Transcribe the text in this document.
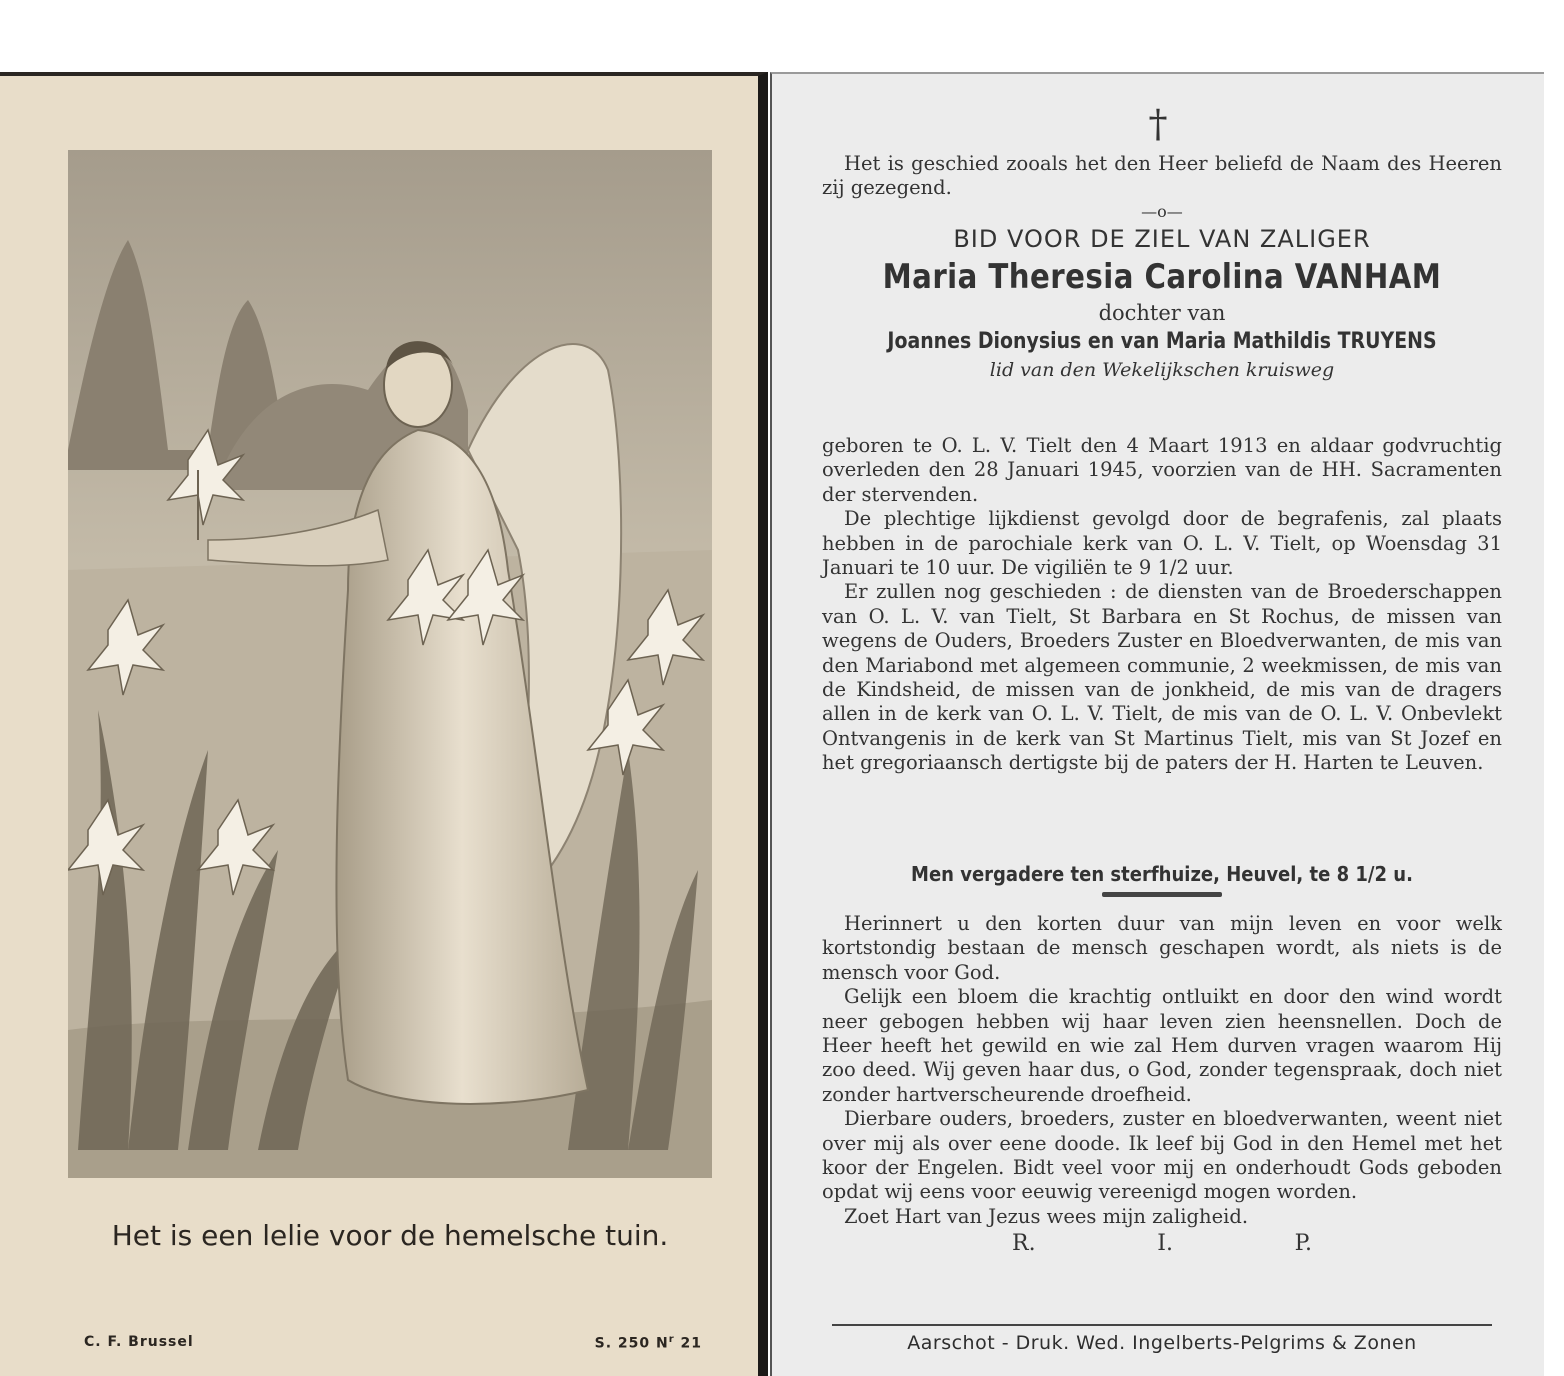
Het is een lelie voor de hemelsche tuin.
C. F. Brussel	S. 250 $N^r$ 21
†

Het is geschied zooals het den Heer beliefd de Naam des Heeren zij gezegend.

—o—
BID VOOR DE ZIEL VAN ZALIGER
Maria Theresia Carolina VANHAM
dochter van
Joannes Dionysius en van Maria Mathildis TRUYENS
lid van den Wekelijkschen kruisweg

geboren te O. L. V. Tielt den 4 Maart 1913 en aldaar godvruchtig overleden den 28 Januari 1945, voorzien van de HH. Sacramenten der stervenden.

De plechtige lijkdienst gevolgd door de begrafenis, zal plaats hebben in de parochiale kerk van O. L. V. Tielt, op Woensdag 31 Januari te 10 uur. De vigiliën te 9 1/2 uur.

Er zullen nog geschieden : de diensten van de Broederschappen van O. L. V. van Tielt, St Barbara en St Rochus, de missen van wegens de Ouders, Broeders Zuster en Bloedverwanten, de mis van den Mariabond met algemeen communie, 2 weekmissen, de mis van de Kindsheid, de missen van de jonkheid, de mis van de dragers allen in de kerk van O. L. V. Tielt, de mis van de O. L. V. Onbevlekt Ontvangenis in de kerk van St Martinus Tielt, mis van St Jozef en het gregoriaansch dertigste bij de paters der H. Harten te Leuven.

Men vergadere ten sterfhuize, Heuvel, te 8 1/2 u.

Herinnert u den korten duur van mijn leven en voor welk kortstondig bestaan de mensch geschapen wordt, als niets is de mensch voor God.

Gelijk een bloem die krachtig ontluikt en door den wind wordt neer gebogen hebben wij haar leven zien heensnellen. Doch de Heer heeft het gewild en wie zal Hem durven vragen waarom Hij zoo deed. Wij geven haar dus, o God, zonder tegenspraak, doch niet zonder hartverscheurende droefheid.

Dierbare ouders, broeders, zuster en bloedverwanten, weent niet over mij als over eene doode. Ik leef bij God in den Hemel met het koor der Engelen. Bidt veel voor mij en onderhoudt Gods geboden opdat wij eens voor eeuwig vereenigd mogen worden.

Zoet Hart van Jezus wees mijn zaligheid.

R.	I.	P.
Aarschot - Druk. Wed. Ingelberts-Pelgrims & Zonen
